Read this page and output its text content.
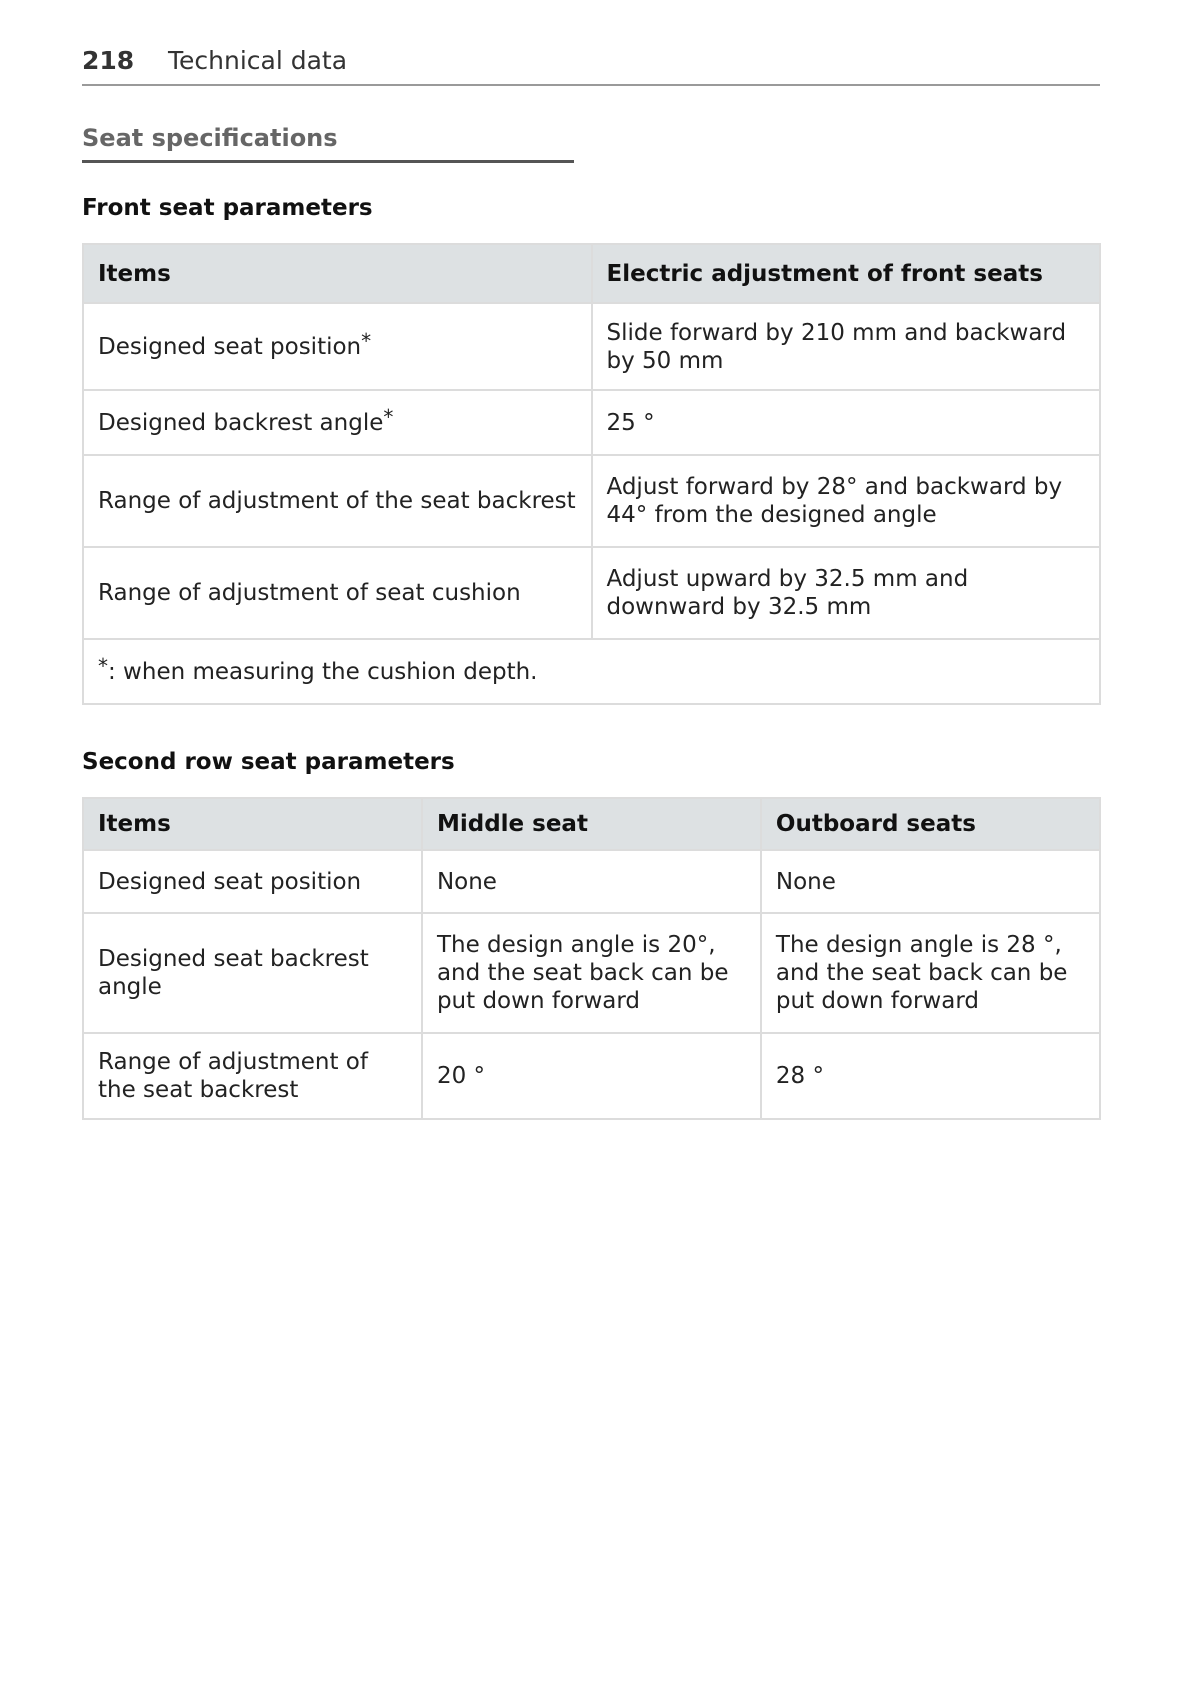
218 Technical data
Seat specifications
Front seat parameters
Items	Electric adjustment of front seats
Designed seat position*	Slide forward by 210 mm and backward by 50 mm
Designed backrest angle*	25 °
Range of adjustment of the seat backrest	Adjust forward by 28° and backward by 44° from the designed angle
Range of adjustment of seat cushion	Adjust upward by 32.5 mm and downward by 32.5 mm
*: when measuring the cushion depth.	
Second row seat parameters
Items	Middle seat	Outboard seats
Designed seat position	None	None
Designed seat backrest angle	The design angle is 20°, and the seat back can be put down forward	The design angle is 28 °, and the seat back can be put down forward
Range of adjustment of the seat backrest	20 °	28 °
